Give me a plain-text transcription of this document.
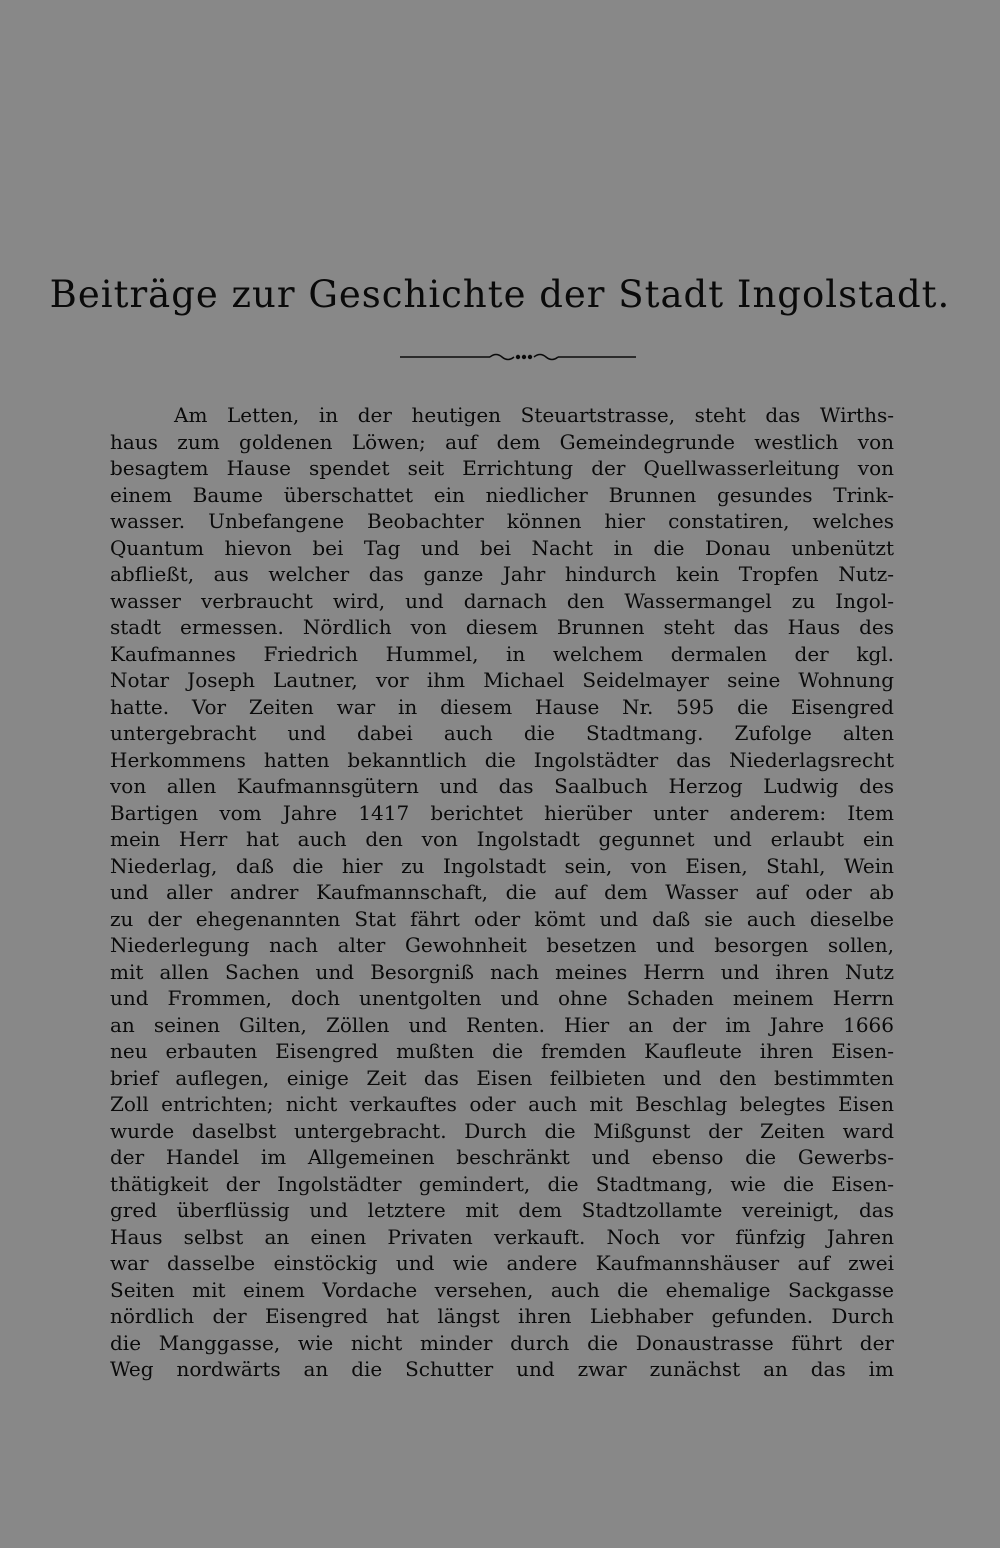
Beiträge zur Geschichte der Stadt Ingolstadt.
Am Letten, in der heutigen Steuartstrasse, steht das Wirths-
haus zum goldenen Löwen; auf dem Gemeindegrunde westlich von
besagtem Hause spendet seit Errichtung der Quellwasserleitung von
einem Baume überschattet ein niedlicher Brunnen gesundes Trink-
wasser. Unbefangene Beobachter können hier constatiren, welches
Quantum hievon bei Tag und bei Nacht in die Donau unbenützt
abfließt, aus welcher das ganze Jahr hindurch kein Tropfen Nutz-
wasser verbraucht wird, und darnach den Wassermangel zu Ingol-
stadt ermessen. Nördlich von diesem Brunnen steht das Haus des
Kaufmannes Friedrich Hummel, in welchem dermalen der kgl.
Notar Joseph Lautner, vor ihm Michael Seidelmayer seine Wohnung
hatte. Vor Zeiten war in diesem Hause Nr. 595 die Eisengred
untergebracht und dabei auch die Stadtmang. Zufolge alten
Herkommens hatten bekanntlich die Ingolstädter das Niederlagsrecht
von allen Kaufmannsgütern und das Saalbuch Herzog Ludwig des
Bartigen vom Jahre 1417 berichtet hierüber unter anderem: Item
mein Herr hat auch den von Ingolstadt gegunnet und erlaubt ein
Niederlag, daß die hier zu Ingolstadt sein, von Eisen, Stahl, Wein
und aller andrer Kaufmannschaft, die auf dem Wasser auf oder ab
zu der ehegenannten Stat fährt oder kömt und daß sie auch dieselbe
Niederlegung nach alter Gewohnheit besetzen und besorgen sollen,
mit allen Sachen und Besorgniß nach meines Herrn und ihren Nutz
und Frommen, doch unentgolten und ohne Schaden meinem Herrn
an seinen Gilten, Zöllen und Renten. Hier an der im Jahre 1666
neu erbauten Eisengred mußten die fremden Kaufleute ihren Eisen-
brief auflegen, einige Zeit das Eisen feilbieten und den bestimmten
Zoll entrichten; nicht verkauftes oder auch mit Beschlag belegtes Eisen
wurde daselbst untergebracht. Durch die Mißgunst der Zeiten ward
der Handel im Allgemeinen beschränkt und ebenso die Gewerbs-
thätigkeit der Ingolstädter gemindert, die Stadtmang, wie die Eisen-
gred überflüssig und letztere mit dem Stadtzollamte vereinigt, das
Haus selbst an einen Privaten verkauft. Noch vor fünfzig Jahren
war dasselbe einstöckig und wie andere Kaufmannshäuser auf zwei
Seiten mit einem Vordache versehen, auch die ehemalige Sackgasse
nördlich der Eisengred hat längst ihren Liebhaber gefunden. Durch
die Manggasse, wie nicht minder durch die Donaustrasse führt der
Weg nordwärts an die Schutter und zwar zunächst an das im
